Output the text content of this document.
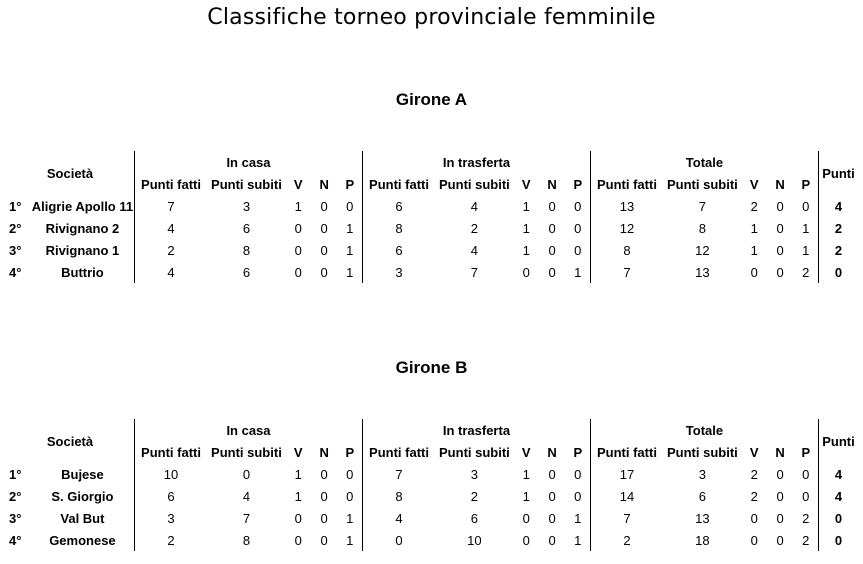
Classifiche torneo provinciale femminile
Girone A
Società		In casa					In trasferta					Totale					Punti
		Punti fatti	Punti subiti	V	N	P	Punti fatti	Punti subiti	V	N	P	Punti fatti	Punti subiti	V	N	P	
1°	Aligrie Apollo 11	7	3	1	0	0	6	4	1	0	0	13	7	2	0	0	4
2°	Rivignano 2	4	6	0	0	1	8	2	1	0	0	12	8	1	0	1	2
3°	Rivignano 1	2	8	0	0	1	6	4	1	0	0	8	12	1	0	1	2
4°	Buttrio	4	6	0	0	1	3	7	0	0	1	7	13	0	0	2	0
Girone B
Società		In casa					In trasferta					Totale					Punti
		Punti fatti	Punti subiti	V	N	P	Punti fatti	Punti subiti	V	N	P	Punti fatti	Punti subiti	V	N	P	
1°	Bujese	10	0	1	0	0	7	3	1	0	0	17	3	2	0	0	4
2°	S. Giorgio	6	4	1	0	0	8	2	1	0	0	14	6	2	0	0	4
3°	Val But	3	7	0	0	1	4	6	0	0	1	7	13	0	0	2	0
4°	Gemonese	2	8	0	0	1	0	10	0	0	1	2	18	0	0	2	0
